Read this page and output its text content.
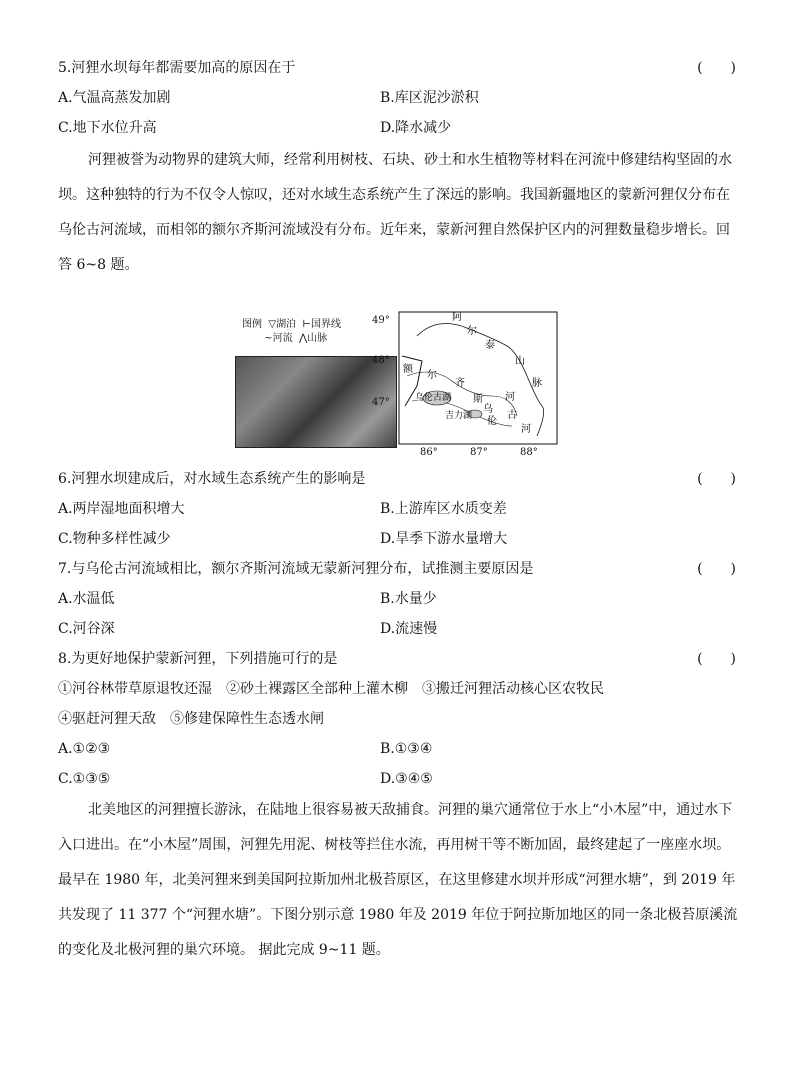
5.河狸水坝每年都需要加高的原因在于	(　　)
A.气温高蒸发加剧	B.库区泥沙淤积
C.地下水位升高	D.降水减少
河狸被誉为动物界的建筑大师，经常利用树枝、石块、砂土和水生植物等材料在河流中修建结构坚固的水坝。这种独特的行为不仅令人惊叹，还对水域生态系统产生了深远的影响。我国新疆地区的蒙新河狸仅分布在乌伦古河流域，而相邻的额尔齐斯河流域没有分布。近年来，蒙新河狸自然保护区内的河狸数量稳步增长。回答 6~8 题。
图例 ▽湖泊 ⊢国界线
~河流 ⋀山脉
阿
尔
泰
山
脉
额
尔
齐
斯 河
乌伦古湖
吉力湖
乌
伦
古
河
49°
48°
47°
86°	87°	88°
6.河狸水坝建成后，对水域生态系统产生的影响是	(　　)
A.两岸湿地面积增大	B.上游库区水质变差
C.物种多样性减少	D.旱季下游水量增大
7.与乌伦古河流域相比，额尔齐斯河流域无蒙新河狸分布，试推测主要原因是	(　　)
A.水温低	B.水量少
C.河谷深	D.流速慢
8.为更好地保护蒙新河狸，下列措施可行的是	(　　)
①河谷林带草原退牧还湿　②砂土裸露区全部种上灌木柳　③搬迁河狸活动核心区农牧民
④驱赶河狸天敌　⑤修建保障性生态透水闸
A.①②③	B.①③④
C.①③⑤	D.③④⑤
北美地区的河狸擅长游泳，在陆地上很容易被天敌捕食。河狸的巢穴通常位于水上“小木屋”中，通过水下入口进出。在“小木屋”周围，河狸先用泥、树枝等拦住水流，再用树干等不断加固，最终建起了一座座水坝。最早在 1980 年，北美河狸来到美国阿拉斯加州北极苔原区，在这里修建水坝并形成“河狸水塘”，到 2019 年共发现了 11 377 个“河狸水塘”。下图分别示意 1980 年及 2019 年位于阿拉斯加地区的同一条北极苔原溪流的变化及北极河狸的巢穴环境。 据此完成 9~11 题。
